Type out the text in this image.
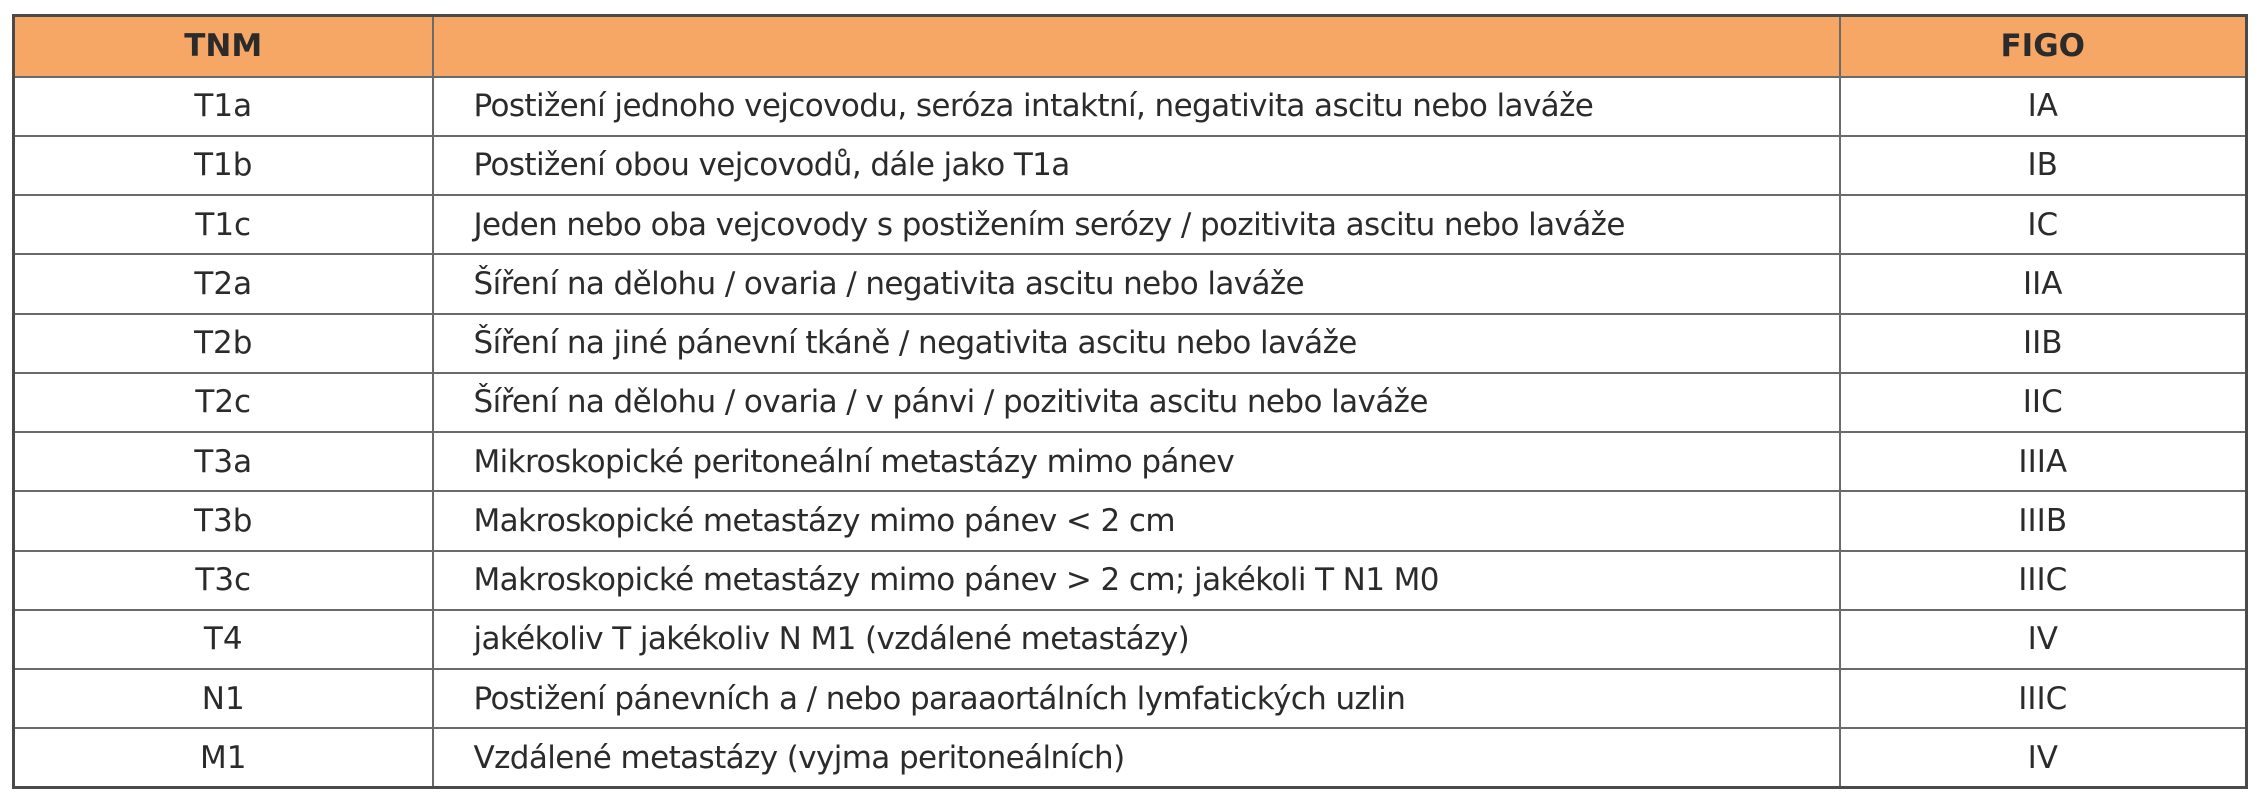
TNM		FIGO
T1a	Postižení jednoho vejcovodu, seróza intaktní, negativita ascitu nebo laváže	IA
T1b	Postižení obou vejcovodů, dále jako T1a	IB
T1c	Jeden nebo oba vejcovody s postižením serózy / pozitivita ascitu nebo laváže	IC
T2a	Šíření na dělohu / ovaria / negativita ascitu nebo laváže	IIA
T2b	Šíření na jiné pánevní tkáně / negativita ascitu nebo laváže	IIB
T2c	Šíření na dělohu / ovaria / v pánvi / pozitivita ascitu nebo laváže	IIC
T3a	Mikroskopické peritoneální metastázy mimo pánev	IIIA
T3b	Makroskopické metastázy mimo pánev < 2 cm	IIIB
T3c	Makroskopické metastázy mimo pánev > 2 cm; jakékoli T N1 M0	IIIC
T4	jakékoliv T jakékoliv N M1 (vzdálené metastázy)	IV
N1	Postižení pánevních a / nebo paraaortálních lymfatických uzlin	IIIC
M1	Vzdálené metastázy (vyjma peritoneálních)	IV
